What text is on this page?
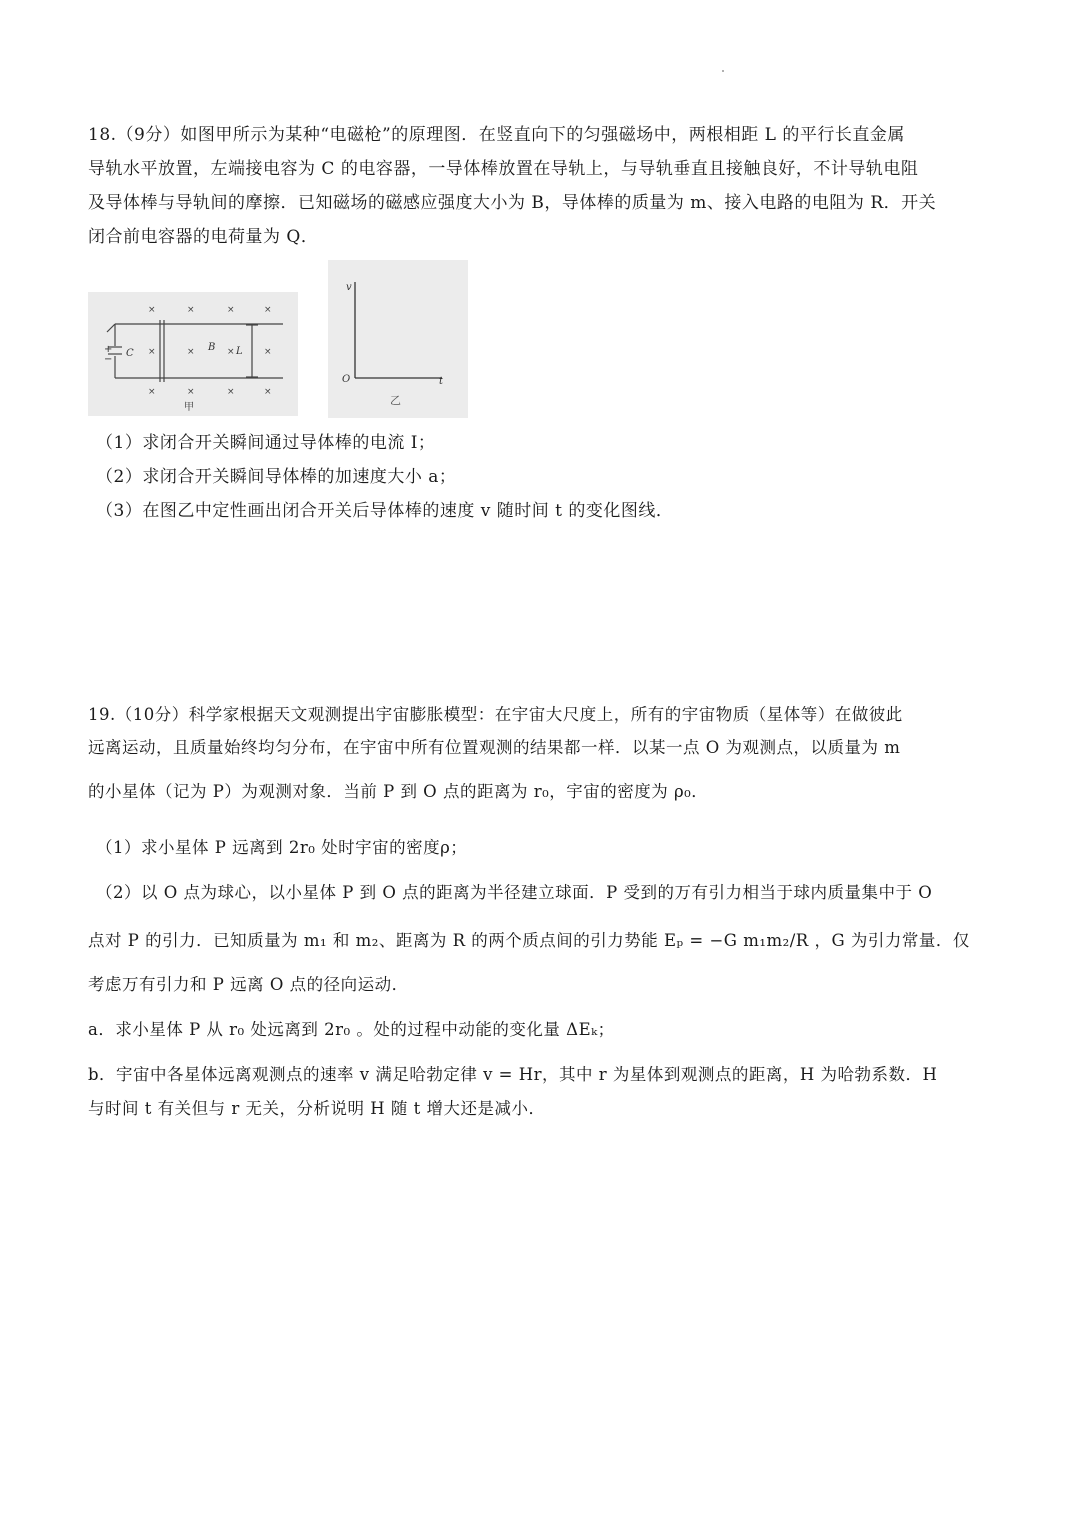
18.（9分）如图甲所示为某种“电磁枪”的原理图．在竖直向下的匀强磁场中，两根相距 L 的平行长直金属
导轨水平放置，左端接电容为 C 的电容器，一导体棒放置在导轨上，与导轨垂直且接触良好，不计导轨电阻
及导体棒与导轨间的摩擦．已知磁场的磁感应强度大小为 B，导体棒的质量为 m、接入电路的电阻为 R．开关
闭合前电容器的电荷量为 Q．
×	×	×	×
×	×	×	×
×	×	×	×
C
B L
+
−
甲
v
O	t
乙
（1）求闭合开关瞬间通过导体棒的电流 I；
（2）求闭合开关瞬间导体棒的加速度大小 a；
（3）在图乙中定性画出闭合开关后导体棒的速度 v 随时间 t 的变化图线．
19.（10分）科学家根据天文观测提出宇宙膨胀模型：在宇宙大尺度上，所有的宇宙物质（星体等）在做彼此
远离运动，且质量始终均匀分布，在宇宙中所有位置观测的结果都一样．以某一点 O 为观测点，以质量为 m
的小星体（记为 P）为观测对象．当前 P 到 O 点的距离为 r₀，宇宙的密度为 ρ₀．
（1）求小星体 P 远离到 2r₀ 处时宇宙的密度ρ；
（2）以 O 点为球心，以小星体 P 到 O 点的距离为半径建立球面．P 受到的万有引力相当于球内质量集中于 O
点对 P 的引力．已知质量为 m₁ 和 m₂、距离为 R 的两个质点间的引力势能 Eₚ = −G m₁m₂/R ，G 为引力常量．仅
考虑万有引力和 P 远离 O 点的径向运动．
a．求小星体 P 从 r₀ 处远离到 2r₀ 。处的过程中动能的变化量 ΔEₖ；
b．宇宙中各星体远离观测点的速率 v 满足哈勃定律 v = Hr，其中 r 为星体到观测点的距离，H 为哈勃系数．H
与时间 t 有关但与 r 无关，分析说明 H 随 t 增大还是减小．
